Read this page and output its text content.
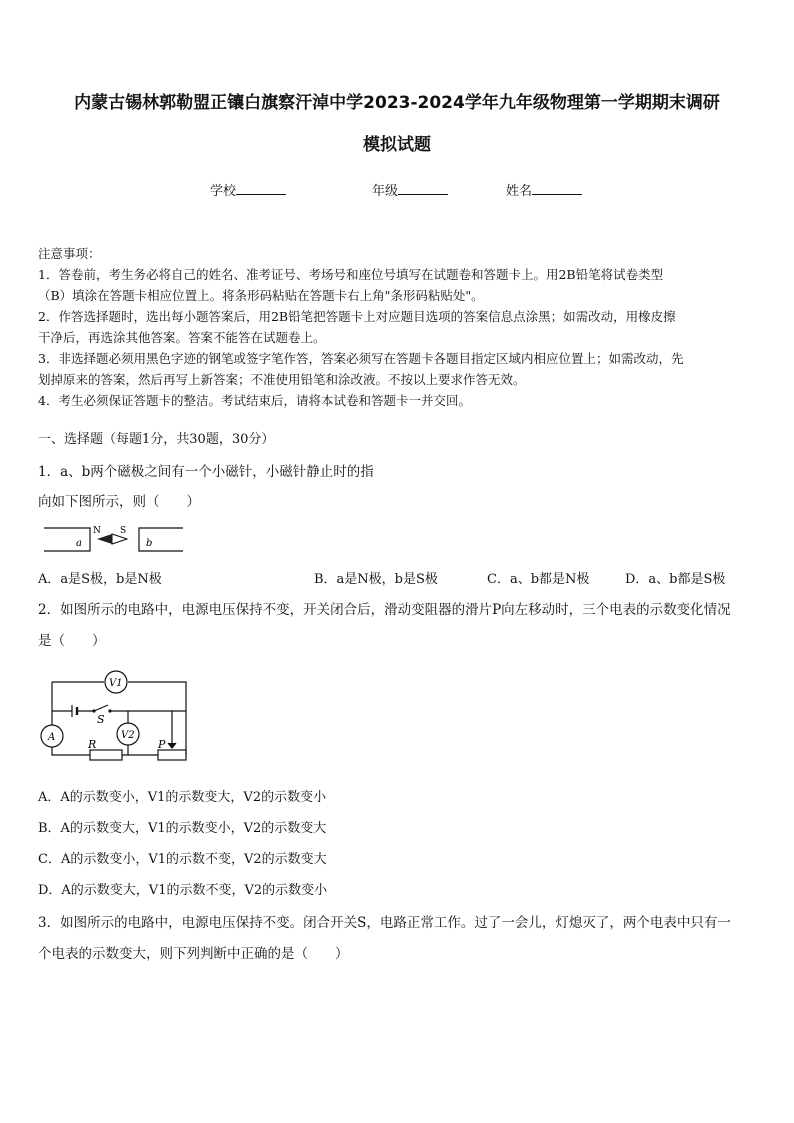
内蒙古锡林郭勒盟正镶白旗察汗淖中学2023-2024学年九年级物理第一学期期末调研
模拟试题
学校	年级	姓名
注意事项：
1．答卷前，考生务必将自己的姓名、准考证号、考场号和座位号填写在试题卷和答题卡上。用2B铅笔将试卷类型
（B）填涂在答题卡相应位置上。将条形码粘贴在答题卡右上角"条形码粘贴处"。
2．作答选择题时，选出每小题答案后，用2B铅笔把答题卡上对应题目选项的答案信息点涂黑；如需改动，用橡皮擦
干净后，再选涂其他答案。答案不能答在试题卷上。
3．非选择题必须用黑色字迹的钢笔或签字笔作答，答案必须写在答题卡各题目指定区域内相应位置上；如需改动，先
划掉原来的答案，然后再写上新答案；不准使用铅笔和涂改液。不按以上要求作答无效。
4．考生必须保证答题卡的整洁。考试结束后，请将本试卷和答题卡一并交回。
一、选择题（每题1分，共30题，30分）
1．a、b两个磁极之间有一个小磁针，小磁针静止时的指
向如下图所示，则（　　）
a
N S
b
A．a是S极，b是N极	B．a是N极，b是S极	C．a、b都是N极	D．a、b都是S极
2．如图所示的电路中，电源电压保持不变，开关闭合后，滑动变阻器的滑片P向左移动时，三个电表的示数变化情况
是（　　）
V1
V2
A
S
R	P
A．A的示数变小，V1的示数变大，V2的示数变小
B．A的示数变大，V1的示数变小，V2的示数变大
C．A的示数变小，V1的示数不变，V2的示数变大
D．A的示数变大，V1的示数不变，V2的示数变小
3．如图所示的电路中，电源电压保持不变。闭合开关S，电路正常工作。过了一会儿，灯熄灭了，两个电表中只有一
个电表的示数变大，则下列判断中正确的是（　　）
